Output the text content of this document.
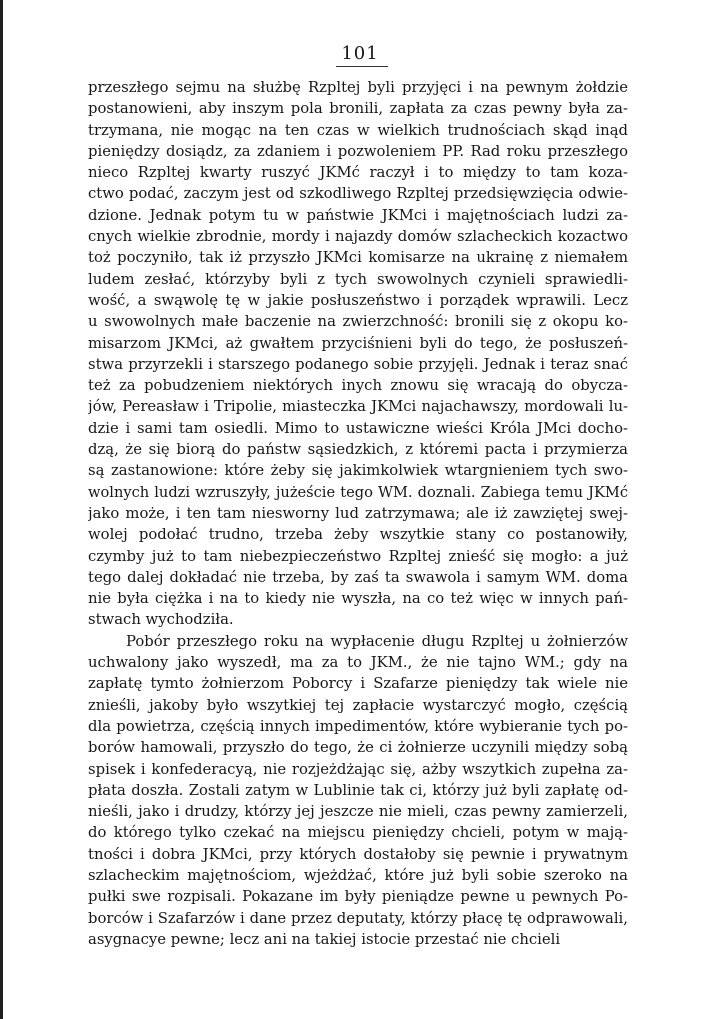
101
przeszłego sejmu na służbę Rzpltej byli przyjęci i na pewnym żołdzie
postanowieni, aby inszym pola bronili, zapłata za czas pewny była za-
trzymana, nie mogąc na ten czas w wielkich trudnościach skąd inąd
pieniędzy dosiądz, za zdaniem i pozwoleniem PP. Rad roku przeszłego
nieco Rzpltej kwarty ruszyć JKMć raczył i to między to tam koza-
ctwo podać, zaczym jest od szkodliwego Rzpltej przedsięwzięcia odwie-
dzione. Jednak potym tu w państwie JKMci i majętnościach ludzi za-
cnych wielkie zbrodnie, mordy i najazdy domów szlacheckich kozactwo
toż poczyniło, tak iż przyszło JKMci komisarze na ukrainę z niemałem
ludem zesłać, którzyby byli z tych swowolnych czynieli sprawiedli-
wość, a swąwolę tę w jakie posłuszeństwo i porządek wprawili. Lecz
u swowolnych małe baczenie na zwierzchność: bronili się z okopu ko-
misarzom JKMci, aż gwałtem przyciśnieni byli do tego, że posłuszeń-
stwa przyrzekli i starszego podanego sobie przyjęli. Jednak i teraz snać
też za pobudzeniem niektórych inych znowu się wracają do obycza-
jów, Pereasław i Tripolie, miasteczka JKMci najachawszy, mordowali lu-
dzie i sami tam osiedli. Mimo to ustawiczne wieści Króla JMci docho-
dzą, że się biorą do państw sąsiedzkich, z któremi pacta i przymierza
są zastanowione: które żeby się jakimkolwiek wtargnieniem tych swo-
wolnych ludzi wzruszyły, jużeście tego WM. doznali. Zabiega temu JKMć
jako może, i ten tam niesworny lud zatrzymawa; ale iż zawziętej swej-
wolej podołać trudno, trzeba żeby wszytkie stany co postanowiły,
czymby już to tam niebezpieczeństwo Rzpltej znieść się mogło: a już
tego dalej dokładać nie trzeba, by zaś ta swawola i samym WM. doma
nie była ciężka i na to kiedy nie wyszła, na co też więc w innych pań-
stwach wychodziła.
Pobór przeszłego roku na wypłacenie długu Rzpltej u żołnierzów
uchwalony jako wyszedł, ma za to JKM., że nie tajno WM.; gdy na
zapłatę tymto żołnierzom Poborcy i Szafarze pieniędzy tak wiele nie
znieśli, jakoby było wszytkiej tej zapłacie wystarczyć mogło, częścią
dla powietrza, częścią innych impedimentów, które wybieranie tych po-
borów hamowali, przyszło do tego, że ci żołnierze uczynili między sobą
spisek i konfederacyą, nie rozjeżdżając się, ażby wszytkich zupełna za-
płata doszła. Zostali zatym w Lublinie tak ci, którzy już byli zapłatę od-
nieśli, jako i drudzy, którzy jej jeszcze nie mieli, czas pewny zamierzeli,
do którego tylko czekać na miejscu pieniędzy chcieli, potym w mają-
tności i dobra JKMci, przy których dostałoby się pewnie i prywatnym
szlacheckim majętnościom, wjeżdżać, które już byli sobie szeroko na
pułki swe rozpisali. Pokazane im były pieniądze pewne u pewnych Po-
borców i Szafarzów i dane przez deputaty, którzy płacę tę odprawowali,
asygnacye pewne; lecz ani na takiej istocie przestać nie chcieli
